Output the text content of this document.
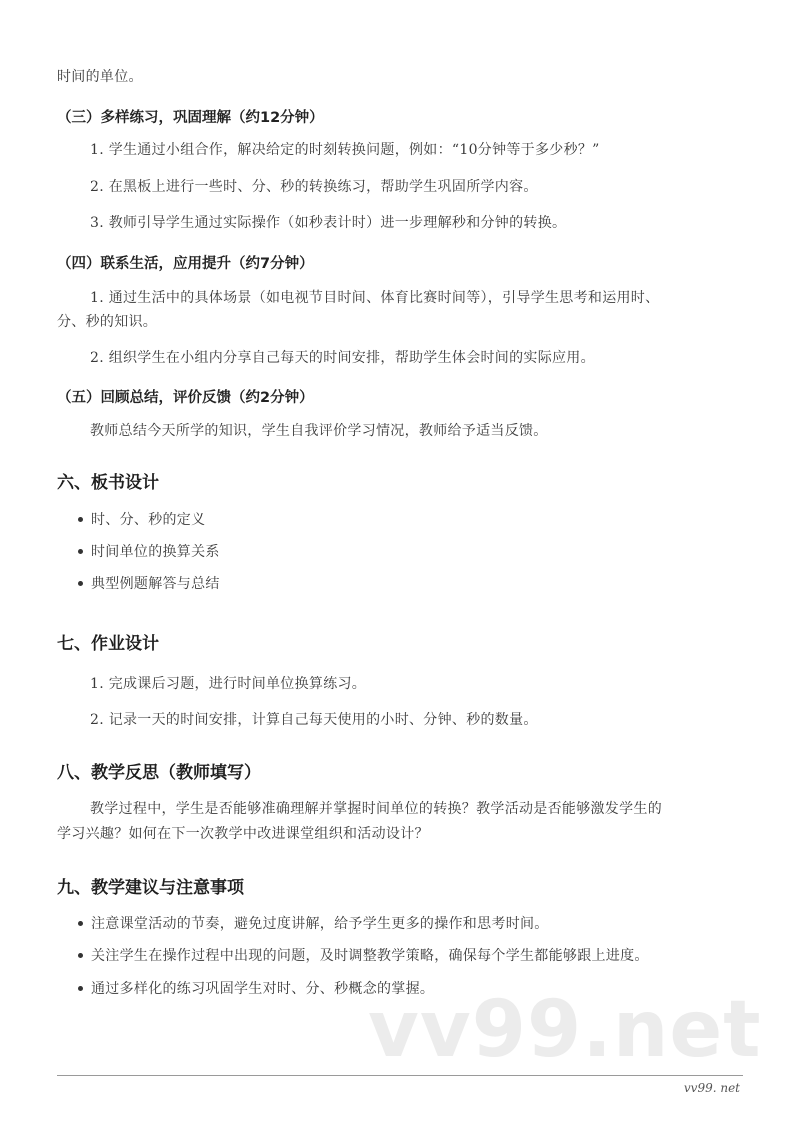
时间的单位。
（三）多样练习，巩固理解（约12分钟）
1. 学生通过小组合作，解决给定的时刻转换问题，例如：“10分钟等于多少秒？”
2. 在黑板上进行一些时、分、秒的转换练习，帮助学生巩固所学内容。
3. 教师引导学生通过实际操作（如秒表计时）进一步理解秒和分钟的转换。
（四）联系生活，应用提升（约7分钟）
1. 通过生活中的具体场景（如电视节目时间、体育比赛时间等），引导学生思考和运用时、
分、秒的知识。
2. 组织学生在小组内分享自己每天的时间安排，帮助学生体会时间的实际应用。
（五）回顾总结，评价反馈（约2分钟）
教师总结今天所学的知识，学生自我评价学习情况，教师给予适当反馈。
六、板书设计
时、分、秒的定义
时间单位的换算关系
典型例题解答与总结
七、作业设计
1. 完成课后习题，进行时间单位换算练习。
2. 记录一天的时间安排，计算自己每天使用的小时、分钟、秒的数量。
八、教学反思（教师填写）
教学过程中，学生是否能够准确理解并掌握时间单位的转换？教学活动是否能够激发学生的
学习兴趣？如何在下一次教学中改进课堂组织和活动设计？
九、教学建议与注意事项
注意课堂活动的节奏，避免过度讲解，给予学生更多的操作和思考时间。
关注学生在操作过程中出现的问题，及时调整教学策略，确保每个学生都能够跟上进度。
通过多样化的练习巩固学生对时、分、秒概念的掌握。
vv99.net
vv99. net
